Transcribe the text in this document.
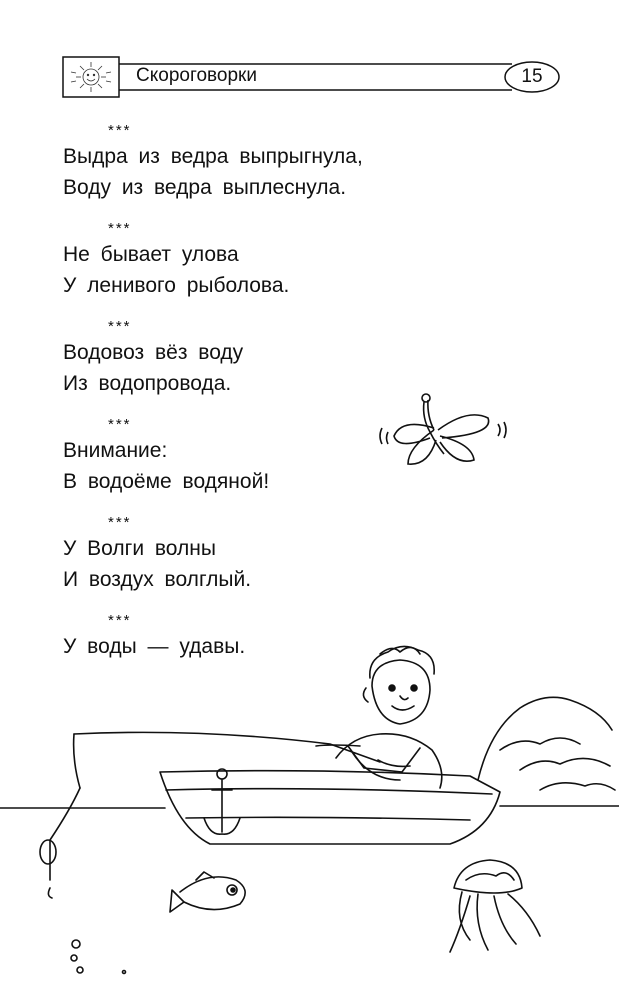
Скороговорки	15
***
Выдра из ведра выпрыгнула,
Воду из ведра выплеснула.
***
Не бывает улова
У ленивого рыболова.
***
Водовоз вёз воду
Из водопровода.
***
Внимание:
В водоёме водяной!
***
У Волги волны
И воздух волглый.
***
У воды — удавы.
